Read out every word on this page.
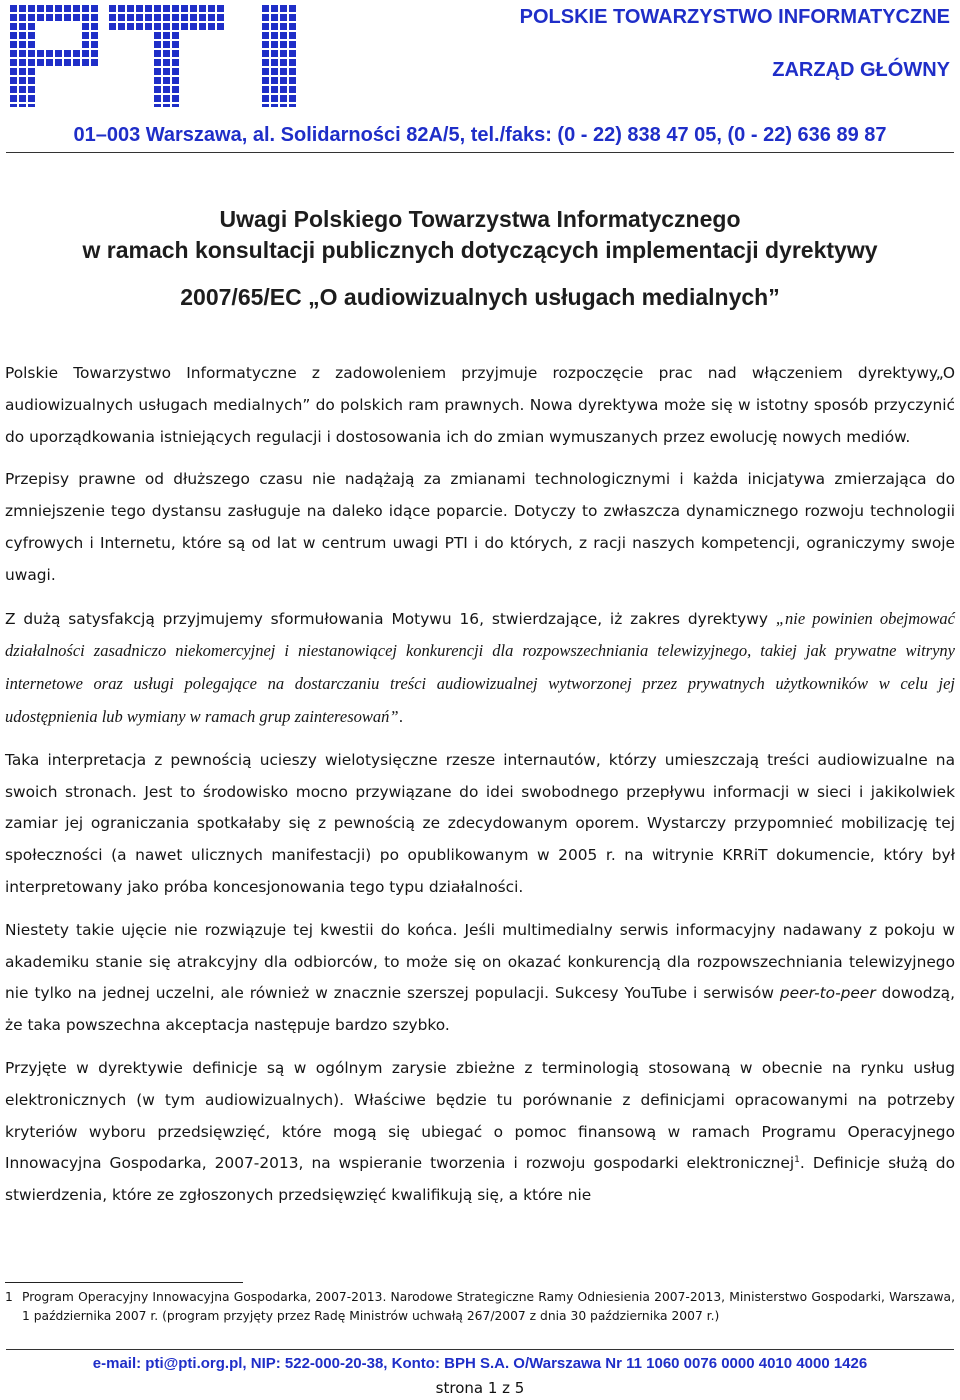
POLSKIE TOWARZYSTWO INFORMATYCZNE
ZARZĄD GŁÓWNY
01–003 Warszawa, al. Solidarności 82A/5, tel./faks: (0 - 22) 838 47 05, (0 - 22) 636 89 87
Uwagi Polskiego Towarzystwa Informatycznego
w ramach konsultacji publicznych dotyczących implementacji dyrektywy
2007/65/EC „O audiowizualnych usługach medialnych”

Polskie Towarzystwo Informatyczne z zadowoleniem przyjmuje rozpoczęcie prac nad włączeniem dyrektywy„O audiowizualnych usługach medialnych” do polskich ram prawnych. Nowa dyrektywa może się w istotny sposób przyczynić do uporządkowania istniejących regulacji i dostosowania ich do zmian wymuszanych przez ewolucję nowych mediów.

Przepisy prawne od dłuższego czasu nie nadążają za zmianami technologicznymi i każda inicjatywa zmierzająca do zmniejszenie tego dystansu zasługuje na daleko idące poparcie. Dotyczy to zwłaszcza dynamicznego rozwoju technologii cyfrowych i Internetu, które są od lat w centrum uwagi PTI i do których, z racji naszych kompetencji, ograniczymy swoje uwagi.

Z dużą satysfakcją przyjmujemy sformułowania Motywu 16, stwierdzające, iż zakres dyrektywy „nie powinien obejmować działalności zasadniczo niekomercyjnej i niestanowiącej konkurencji dla rozpowszechniania telewizyjnego, takiej jak prywatne witryny internetowe oraz usługi polegające na dostarczaniu treści audiowizualnej wytworzonej przez prywatnych użytkowników w celu jej udostępnienia lub wymiany w ramach grup zainteresowań”.

Taka interpretacja z pewnością ucieszy wielotysięczne rzesze internautów, którzy umieszczają treści audiowizualne na swoich stronach. Jest to środowisko mocno przywiązane do idei swobodnego przepływu informacji w sieci i jakikolwiek zamiar jej ograniczania spotkałaby się z pewnością ze zdecydowanym oporem. Wystarczy przypomnieć mobilizację tej społeczności (a nawet ulicznych manifestacji) po opublikowanym w 2005 r. na witrynie KRRiT dokumencie, który był interpretowany jako próba koncesjonowania tego typu działalności.

Niestety takie ujęcie nie rozwiązuje tej kwestii do końca. Jeśli multimedialny serwis informacyjny nadawany z pokoju w akademiku stanie się atrakcyjny dla odbiorców, to może się on okazać konkurencją dla rozpowszechniania telewizyjnego nie tylko na jednej uczelni, ale również w znacznie szerszej populacji. Sukcesy YouTube i serwisów peer-to-peer dowodzą, że taka powszechna akceptacja następuje bardzo szybko.

Przyjęte w dyrektywie definicje są w ogólnym zarysie zbieżne z terminologią stosowaną w obecnie na rynku usług elektronicznych (w tym audiowizualnych). Właściwe będzie tu porównanie z definicjami opracowanymi na potrzeby kryteriów wyboru przedsięwzięć, które mogą się ubiegać o pomoc finansową w ramach Programu Operacyjnego Innowacyjna Gospodarka, 2007-2013, na wspieranie tworzenia i rozwoju gospodarki elektronicznej$^1$. Definicje służą do stwierdzenia, które ze zgłoszonych przedsięwzięć kwalifikują się, a które nie

1 Program Operacyjny Innowacyjna Gospodarka, 2007-2013. Narodowe Strategiczne Ramy Odniesienia 2007-2013, Ministerstwo Gospodarki, Warszawa, 1 października 2007 r. (program przyjęty przez Radę Ministrów uchwałą 267/2007 z dnia 30 października 2007 r.)
e-mail: pti@pti.org.pl, NIP: 522-000-20-38, Konto: BPH S.A. O/Warszawa Nr 11 1060 0076 0000 4010 4000 1426
strona 1 z 5
